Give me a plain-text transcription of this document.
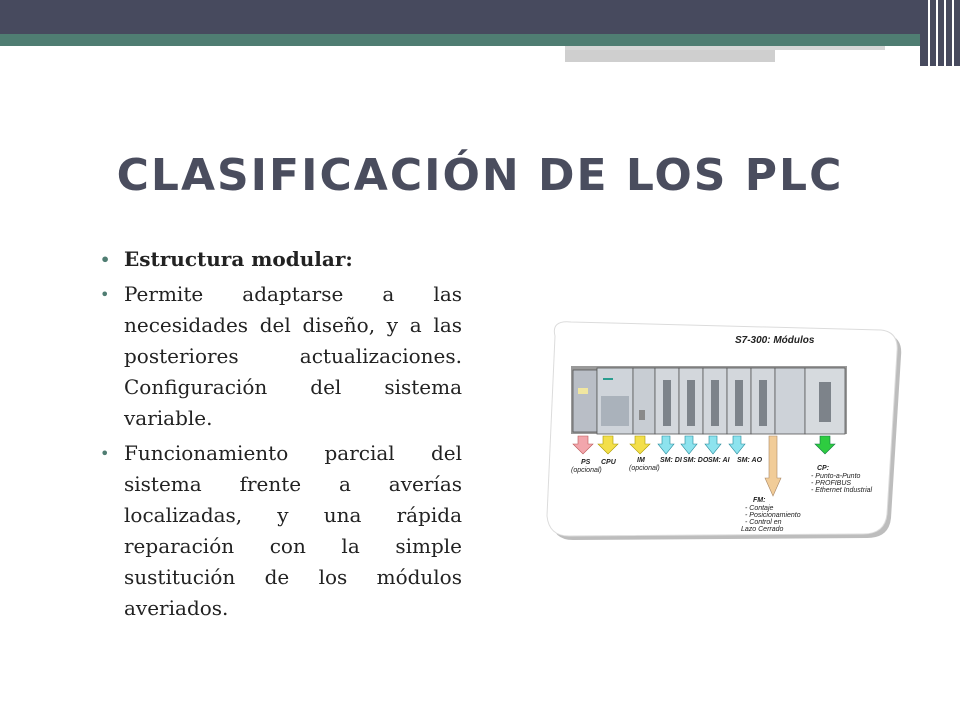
CLASIFICACIÓN DE LOS PLC
• Estructura modular:
• Permite adaptarse a las necesidades del diseño, y a las posteriores actualizaciones. Configuración del sistema variable.
• Funcionamiento parcial del sistema frente a averías localizadas, y una rápida reparación con la simple sustitución de los módulos averiados.
S7-300: Módulos
PS
(opcional)
CPU	IM
(opcional)
SM: DI SM: DO SM: AI SM: AO
FM:
- Contaje
- Posicionamiento
- Control en
Lazo Cerrado
CP:
- Punto-a-Punto
- PROFIBUS
- Ethernet Industrial
